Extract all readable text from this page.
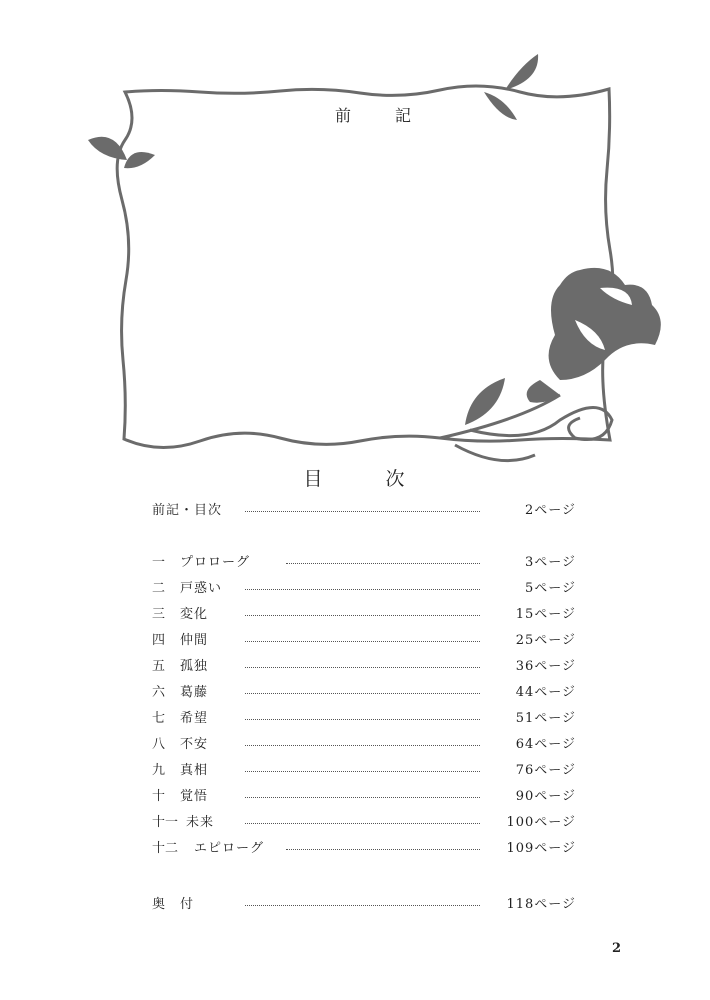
前　記
目　次
前記・目次	2ページ
一 プロローグ	3ページ
二 戸惑い	5ページ
三 変化	15ページ
四 仲間	25ページ
五 孤独	36ページ
六 葛藤	44ページ
七 希望	51ページ
八 不安	64ページ
九 真相	76ページ
十 覚悟	90ページ
十一 未来	100ページ
十二 エピローグ	109ページ
奥 付	118ページ
2
